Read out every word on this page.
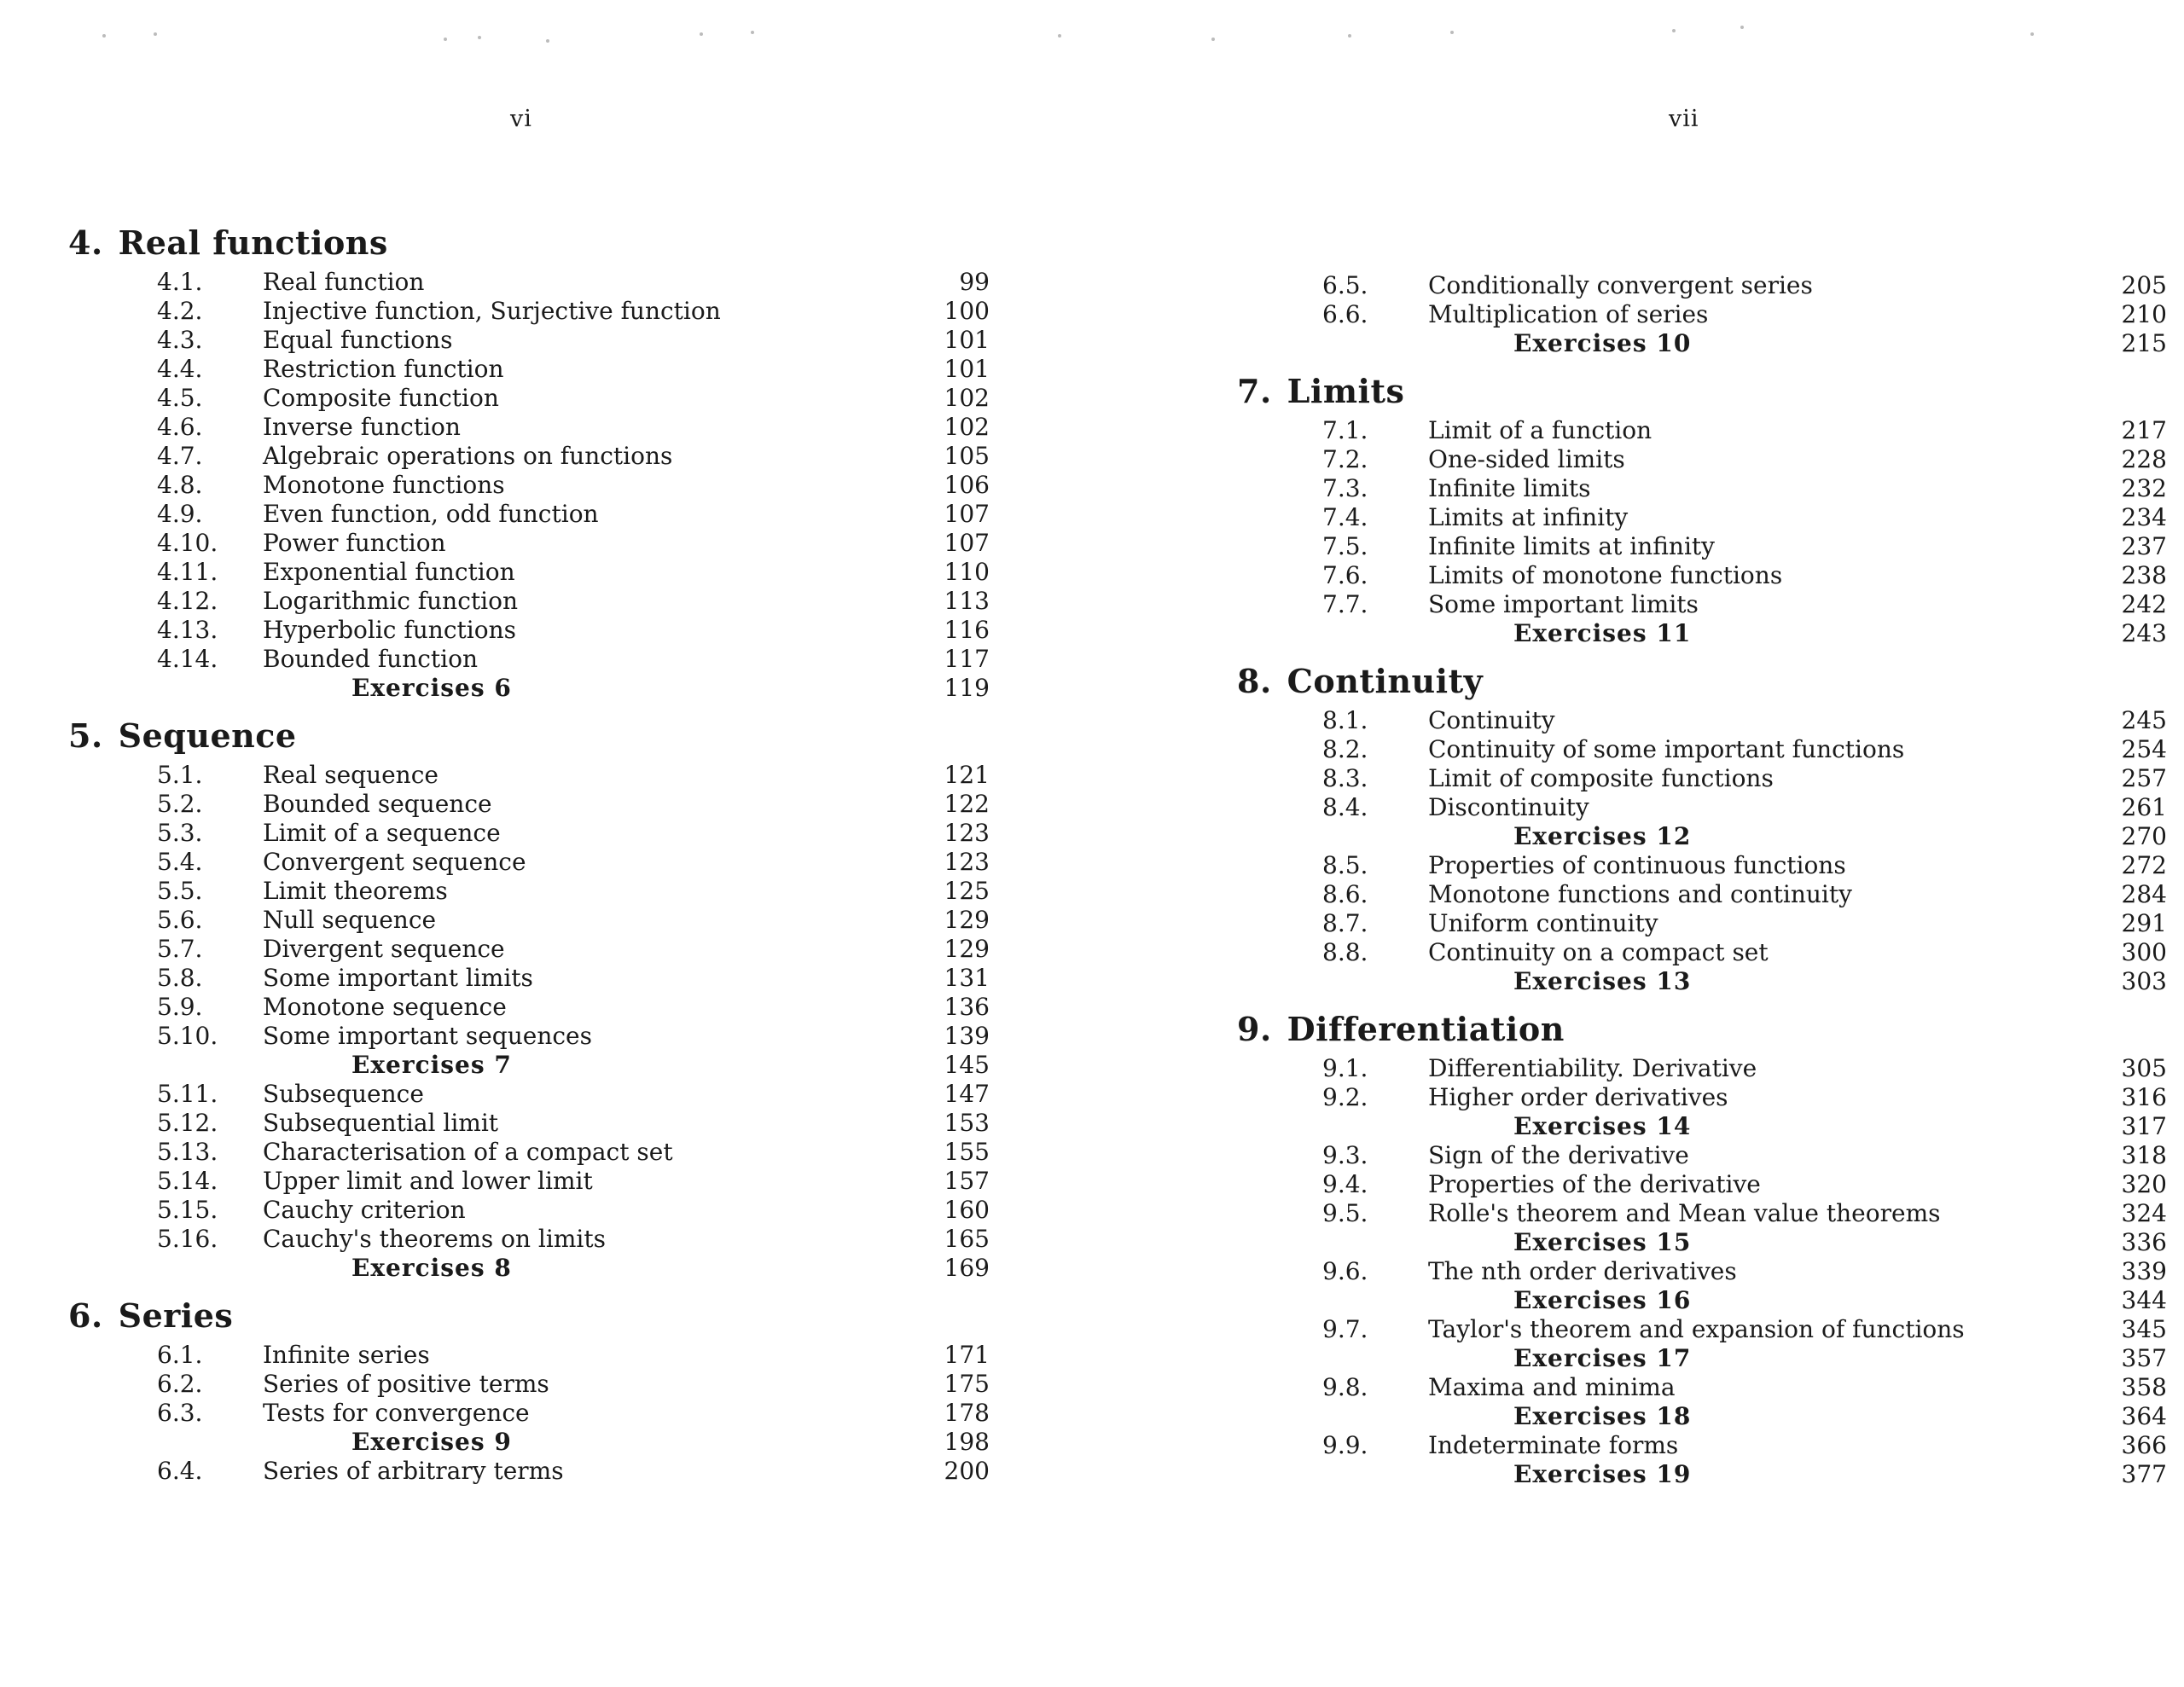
vi
4. Real functions
4.1.	Real function	99
4.2.	Injective function, Surjective function	100
4.3.	Equal functions	101
4.4.	Restriction function	101
4.5.	Composite function	102
4.6.	Inverse function	102
4.7.	Algebraic operations on functions	105
4.8.	Monotone functions	106
4.9.	Even function, odd function	107
4.10.	Power function	107
4.11.	Exponential function	110
4.12.	Logarithmic function	113
4.13.	Hyperbolic functions	116
4.14.	Bounded function	117
Exercises 6	119
5. Sequence
5.1.	Real sequence	121
5.2.	Bounded sequence	122
5.3.	Limit of a sequence	123
5.4.	Convergent sequence	123
5.5.	Limit theorems	125
5.6.	Null sequence	129
5.7.	Divergent sequence	129
5.8.	Some important limits	131
5.9.	Monotone sequence	136
5.10.	Some important sequences	139
Exercises 7	145
5.11.	Subsequence	147
5.12.	Subsequential limit	153
5.13.	Characterisation of a compact set	155
5.14.	Upper limit and lower limit	157
5.15.	Cauchy criterion	160
5.16.	Cauchy's theorems on limits	165
Exercises 8	169
6. Series
6.1.	Infinite series	171
6.2.	Series of positive terms	175
6.3.	Tests for convergence	178
Exercises 9	198
6.4.	Series of arbitrary terms	200
vii
6.5.	Conditionally convergent series	205
6.6.	Multiplication of series	210
Exercises 10	215
7. Limits
7.1.	Limit of a function	217
7.2.	One-sided limits	228
7.3.	Infinite limits	232
7.4.	Limits at infinity	234
7.5.	Infinite limits at infinity	237
7.6.	Limits of monotone functions	238
7.7.	Some important limits	242
Exercises 11	243
8. Continuity
8.1.	Continuity	245
8.2.	Continuity of some important functions	254
8.3.	Limit of composite functions	257
8.4.	Discontinuity	261
Exercises 12	270
8.5.	Properties of continuous functions	272
8.6.	Monotone functions and continuity	284
8.7.	Uniform continuity	291
8.8.	Continuity on a compact set	300
Exercises 13	303
9. Differentiation
9.1.	Differentiability. Derivative	305
9.2.	Higher order derivatives	316
Exercises 14	317
9.3.	Sign of the derivative	318
9.4.	Properties of the derivative	320
9.5.	Rolle's theorem and Mean value theorems	324
Exercises 15	336
9.6.	The nth order derivatives	339
Exercises 16	344
9.7.	Taylor's theorem and expansion of functions	345
Exercises 17	357
9.8.	Maxima and minima	358
Exercises 18	364
9.9.	Indeterminate forms	366
Exercises 19	377
